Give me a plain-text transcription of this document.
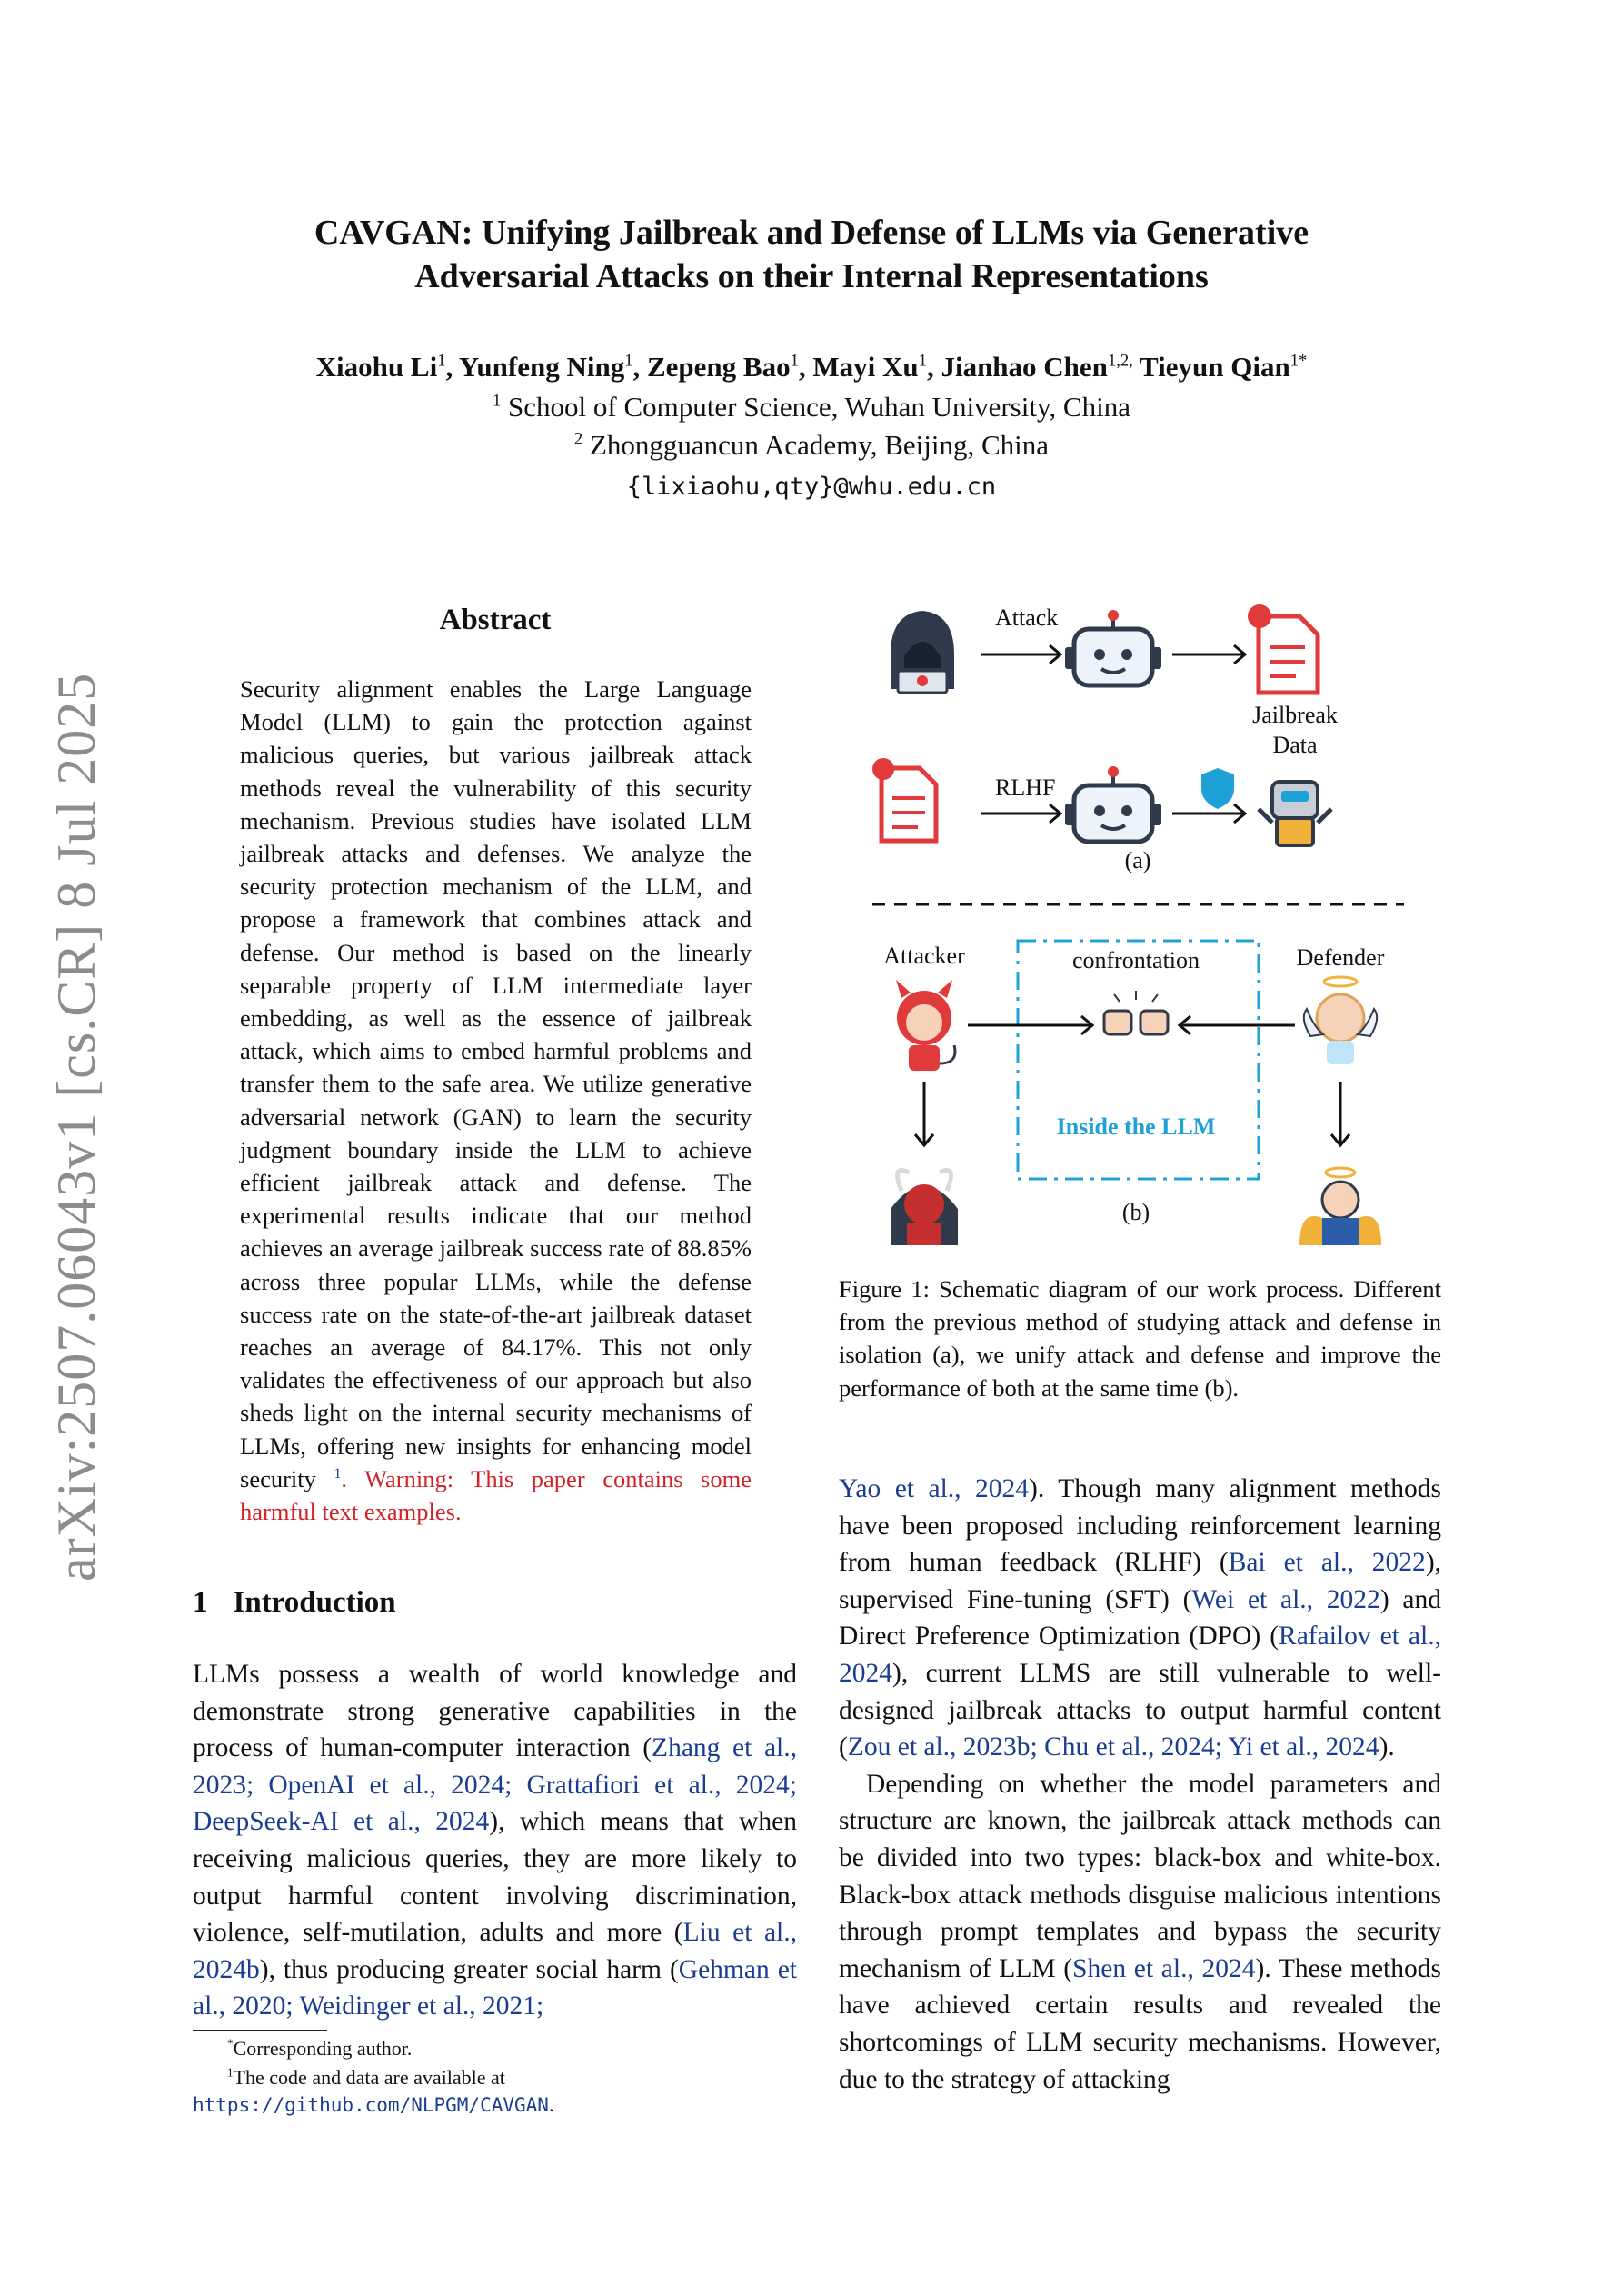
CAVGAN: Unifying Jailbreak and Defense of LLMs via Generative
Adversarial Attacks on their Internal Representations
Xiaohu Li$^1$, Yunfeng Ning$^1$, Zepeng Bao$^1$, Mayi Xu$^1$, Jianhao Chen$^{1,2,}$ Tieyun Qian$^{1*}$
$^1$ School of Computer Science, Wuhan University, China
$^2$ Zhongguancun Academy, Beijing, China
{lixiaohu,qty}@whu.edu.cn
arXiv:2507.06043v1 [cs.CR] 8 Jul 2025
Abstract
Security alignment enables the Large Language Model (LLM) to gain the protection against malicious queries, but various jailbreak attack methods reveal the vulnerability of this security mechanism. Previous studies have isolated LLM jailbreak attacks and defenses. We analyze the security protection mechanism of the LLM, and propose a framework that combines attack and defense. Our method is based on the linearly separable property of LLM intermediate layer embedding, as well as the essence of jailbreak attack, which aims to embed harmful problems and transfer them to the safe area. We utilize generative adversarial network (GAN) to learn the security judgment boundary inside the LLM to achieve efficient jailbreak attack and defense. The experimental results indicate that our method achieves an average jailbreak success rate of 88.85% across three popular LLMs, while the defense success rate on the state-of-the-art jailbreak dataset reaches an average of 84.17%. This not only validates the effectiveness of our approach but also sheds light on the internal security mechanisms of LLMs, offering new insights for enhancing model security $^1$. Warning: This paper contains some harmful text examples.
1 Introduction
LLMs possess a wealth of world knowledge and demonstrate strong generative capabilities in the process of human-computer interaction (Zhang et al., 2023; OpenAI et al., 2024; Grattafiori et al., 2024; DeepSeek-AI et al., 2024), which means that when receiving malicious queries, they are more likely to output harmful content involving discrimination, violence, self-mutilation, adults and more (Liu et al., 2024b), thus producing greater social harm (Gehman et al., 2020; Weidinger et al., 2021;
*Corresponding author.
$^1$The code and data are available at https://github.com/NLPGM/CAVGAN.
Attack
Jailbreak
Data
RLHF
(a)
Attacker	confrontation	Defender
Inside the LLM
(b)
Figure 1: Schematic diagram of our work process. Different from the previous method of studying attack and defense in isolation (a), we unify attack and defense and improve the performance of both at the same time (b).
Yao et al., 2024). Though many alignment methods have been proposed including reinforcement learning from human feedback (RLHF) (Bai et al., 2022), supervised Fine-tuning (SFT) (Wei et al., 2022) and Direct Preference Optimization (DPO) (Rafailov et al., 2024), current LLMS are still vulnerable to well-designed jailbreak attacks to output harmful content (Zou et al., 2023b; Chu et al., 2024; Yi et al., 2024).
Depending on whether the model parameters and structure are known, the jailbreak attack methods can be divided into two types: black-box and white-box. Black-box attack methods disguise malicious intentions through prompt templates and bypass the security mechanism of LLM (Shen et al., 2024). These methods have achieved certain results and revealed the shortcomings of LLM security mechanisms. However, due to the strategy of attacking
